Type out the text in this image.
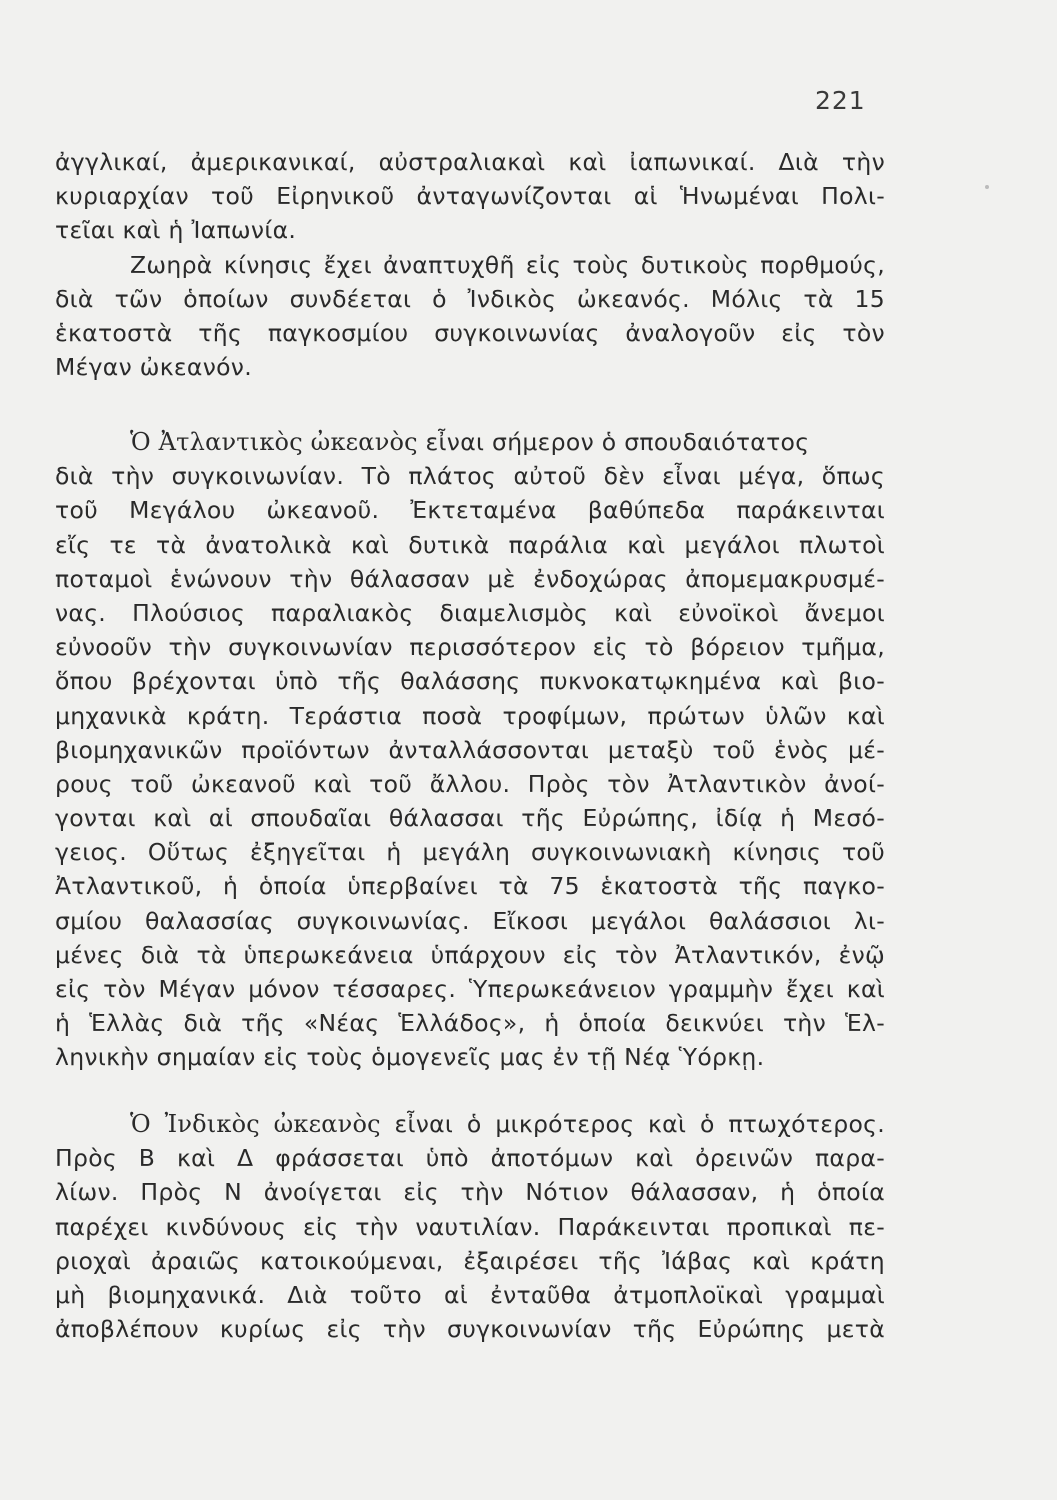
221
ἀγγλικαί, ἀμερικανικαί, αὐστραλιακαὶ καὶ ἰαπωνικαί. Διὰ τὴν
κυριαρχίαν τοῦ Εἰρηνικοῦ ἀνταγωνίζονται αἱ Ἡνωμέναι Πολι-
τεῖαι καὶ ἡ Ἰαπωνία.
Ζωηρὰ κίνησις ἔχει ἀναπτυχθῆ εἰς τοὺς δυτικοὺς πορθμούς,
διὰ τῶν ὁποίων συνδέεται ὁ Ἰνδικὸς ὠκεανός. Μόλις τὰ 15
ἑκατοστὰ τῆς παγκοσμίου συγκοινωνίας ἀναλογοῦν εἰς τὸν
Μέγαν ὠκεανόν.
Ὁ Ἀτλαντικὸς ὠκεανὸς εἶναι σήμερον ὁ σπουδαιότατος
διὰ τὴν συγκοινωνίαν. Τὸ πλάτος αὐτοῦ δὲν εἶναι μέγα, ὅπως
τοῦ Μεγάλου ὠκεανοῦ. Ἐκτεταμένα βαθύπεδα παράκεινται
εἴς τε τὰ ἀνατολικὰ καὶ δυτικὰ παράλια καὶ μεγάλοι πλωτοὶ
ποταμοὶ ἑνώνουν τὴν θάλασσαν μὲ ἐνδοχώρας ἀπομεμακρυσμέ-
νας. Πλούσιος παραλιακὸς διαμελισμὸς καὶ εὐνοϊκοὶ ἄνεμοι
εὐνοοῦν τὴν συγκοινωνίαν περισσότερον εἰς τὸ βόρειον τμῆμα,
ὅπου βρέχονται ὑπὸ τῆς θαλάσσης πυκνοκατῳκημένα καὶ βιο-
μηχανικὰ κράτη. Τεράστια ποσὰ τροφίμων, πρώτων ὑλῶν καὶ
βιομηχανικῶν προϊόντων ἀνταλλάσσονται μεταξὺ τοῦ ἑνὸς μέ-
ρους τοῦ ὠκεανοῦ καὶ τοῦ ἄλλου. Πρὸς τὸν Ἀτλαντικὸν ἀνοί-
γονται καὶ αἱ σπουδαῖαι θάλασσαι τῆς Εὐρώπης, ἰδίᾳ ἡ Μεσό-
γειος. Οὕτως ἐξηγεῖται ἡ μεγάλη συγκοινωνιακὴ κίνησις τοῦ
Ἀτλαντικοῦ, ἡ ὁποία ὑπερβαίνει τὰ 75 ἑκατοστὰ τῆς παγκο-
σμίου θαλασσίας συγκοινωνίας. Εἴκοσι μεγάλοι θαλάσσιοι λι-
μένες διὰ τὰ ὑπερωκεάνεια ὑπάρχουν εἰς τὸν Ἀτλαντικόν, ἐνῷ
εἰς τὸν Μέγαν μόνον τέσσαρες. Ὑπερωκεάνειον γραμμὴν ἔχει καὶ
ἡ Ἑλλὰς διὰ τῆς «Νέας Ἑλλάδος», ἡ ὁποία δεικνύει τὴν Ἑλ-
ληνικὴν σημαίαν εἰς τοὺς ὁμογενεῖς μας ἐν τῇ Νέᾳ Ὑόρκῃ.
Ὁ Ἰνδικὸς ὠκεανὸς εἶναι ὁ μικρότερος καὶ ὁ πτωχότερος.
Πρὸς Β καὶ Δ φράσσεται ὑπὸ ἀποτόμων καὶ ὀρεινῶν παρα-
λίων. Πρὸς Ν ἀνοίγεται εἰς τὴν Νότιον θάλασσαν, ἡ ὁποία
παρέχει κινδύνους εἰς τὴν ναυτιλίαν. Παράκεινται προπικαὶ πε-
ριοχαὶ ἀραιῶς κατοικούμεναι, ἐξαιρέσει τῆς Ἰάβας καὶ κράτη
μὴ βιομηχανικά. Διὰ τοῦτο αἱ ἐνταῦθα ἀτμοπλοϊκαὶ γραμμαὶ
ἀποβλέπουν κυρίως εἰς τὴν συγκοινωνίαν τῆς Εὐρώπης μετὰ
